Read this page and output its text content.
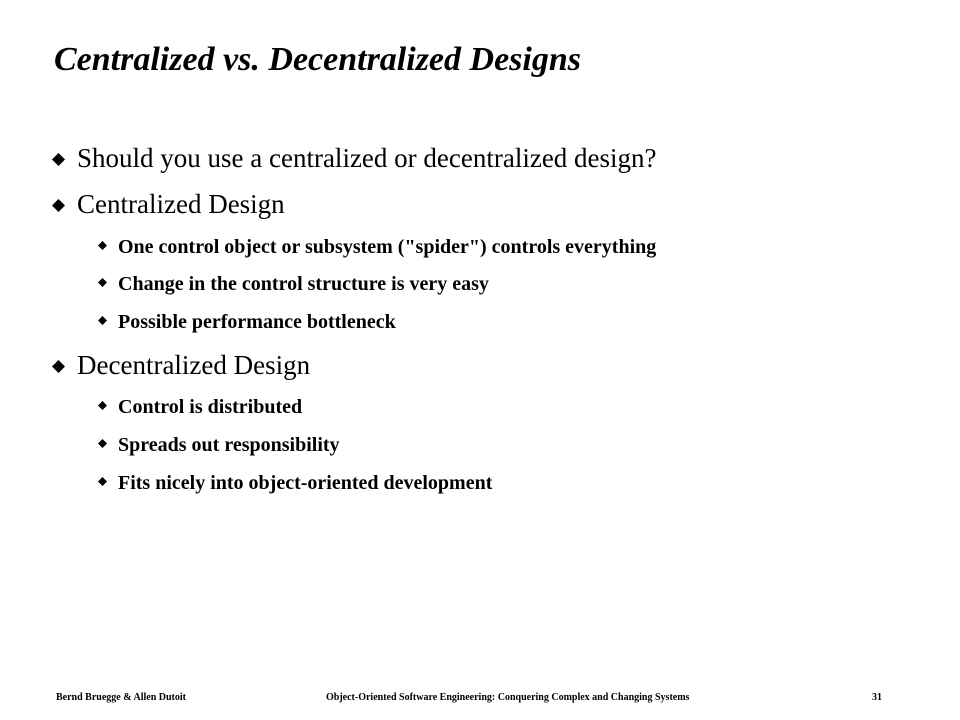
Centralized vs. Decentralized Designs
Should you use a centralized or decentralized design?
Centralized Design
One control object or subsystem ("spider") controls everything
Change in the control structure is very easy
Possible performance bottleneck
Decentralized Design
Control is distributed
Spreads out responsibility
Fits nicely into object-oriented development
Bernd Bruegge & Allen Dutoit	Object-Oriented Software Engineering: Conquering Complex and Changing Systems	31
